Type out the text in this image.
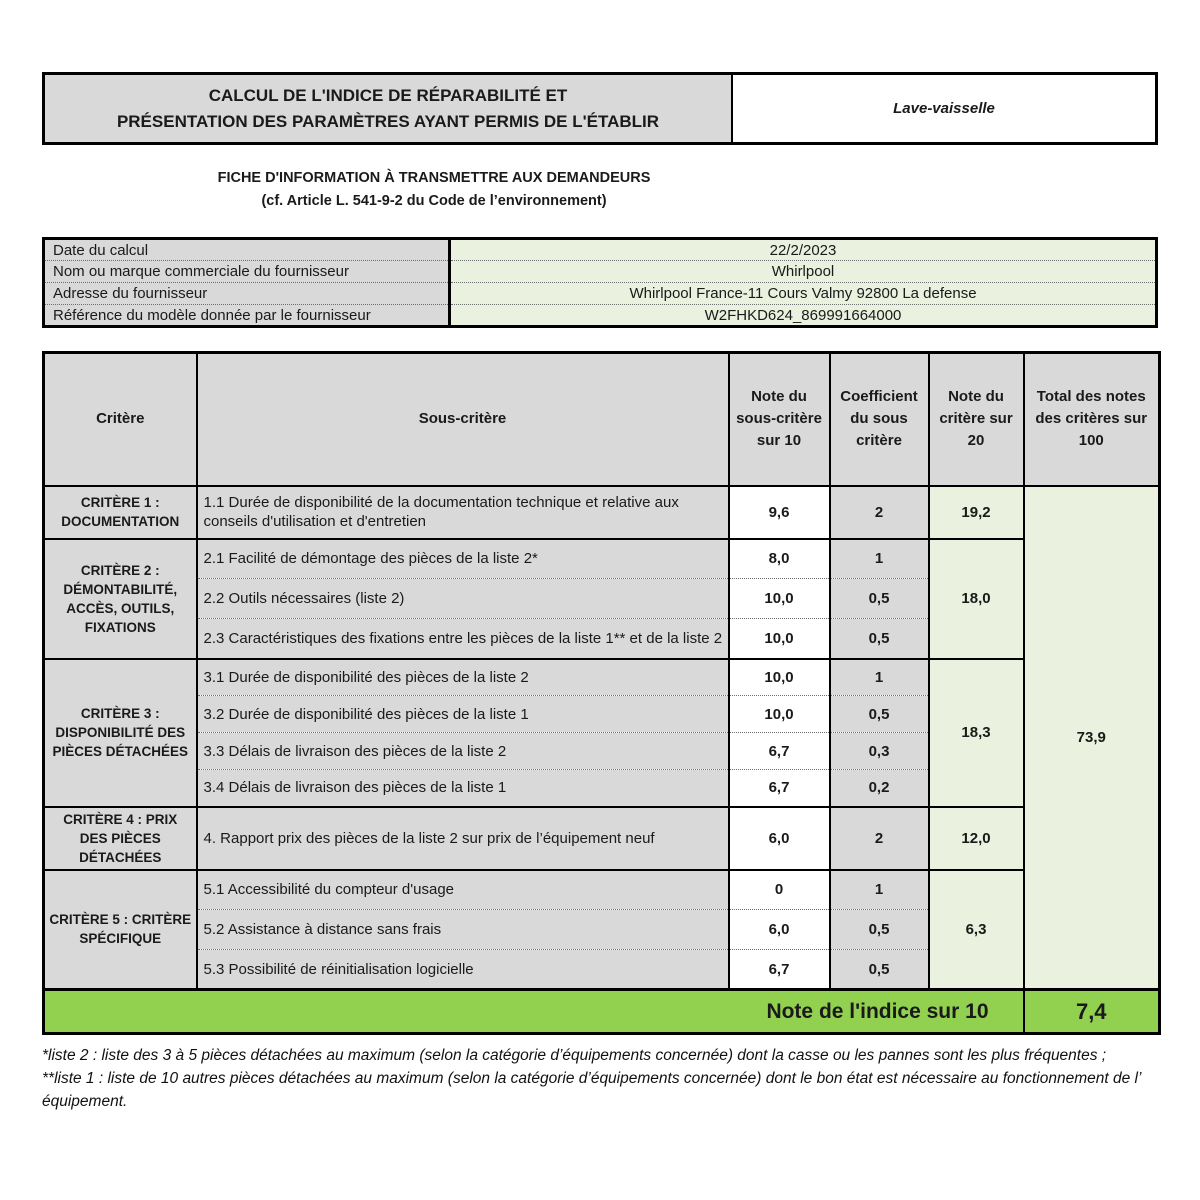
CALCUL DE L'INDICE DE RÉPARABILITÉ ET
PRÉSENTATION DES PARAMÈTRES AYANT PERMIS DE L'ÉTABLIR
Lave-vaisselle
FICHE D'INFORMATION À TRANSMETTRE AUX DEMANDEURS
(cf. Article L. 541-9-2 du Code de l’environnement)
Date du calcul	22/2/2023
Nom ou marque commerciale du fournisseur	Whirlpool
Adresse du fournisseur	Whirlpool France-11 Cours Valmy 92800 La defense
Référence du modèle donnée par le fournisseur	W2FHKD624_869991664000
Critère	Sous-critère	Note du sous-critère sur 10	Coefficient du sous critère	Note du critère sur 20	Total des notes des critères sur 100
CRITÈRE 1 : DOCUMENTATION	1.1 Durée de disponibilité de la documentation technique et relative aux conseils d'utilisation et d'entretien	9,6	2	19,2	73,9
CRITÈRE 2 : DÉMONTABILITÉ, ACCÈS, OUTILS, FIXATIONS	2.1 Facilité de démontage des pièces de la liste 2*	8,0	1	18,0	
	2.2 Outils nécessaires (liste 2)	10,0	0,5		
	2.3 Caractéristiques des fixations entre les pièces de la liste 1** et de la liste 2	10,0	0,5		
CRITÈRE 3 : DISPONIBILITÉ DES PIÈCES DÉTACHÉES	3.1 Durée de disponibilité des pièces de la liste 2	10,0	1	18,3	
	3.2 Durée de disponibilité des pièces de la liste 1	10,0	0,5		
	3.3 Délais de livraison des pièces de la liste 2	6,7	0,3		
	3.4 Délais de livraison des pièces de la liste 1	6,7	0,2		
CRITÈRE 4 : PRIX DES PIÈCES DÉTACHÉES	4. Rapport prix des pièces de la liste 2 sur prix de l’équipement neuf	6,0	2	12,0	
CRITÈRE 5 : CRITÈRE SPÉCIFIQUE	5.1 Accessibilité du compteur d'usage	0	1	6,3	
	5.2 Assistance à distance sans frais	6,0	0,5		
	5.3 Possibilité de réinitialisation logicielle	6,7	0,5		
Note de l'indice sur 10					7,4

*liste 2 : liste des 3 à 5 pièces détachées au maximum (selon la catégorie d’équipements concernée) dont la casse ou les pannes sont les plus fréquentes ;

**liste 1 : liste de 10 autres pièces détachées au maximum (selon la catégorie d’équipements concernée) dont le bon état est nécessaire au fonctionnement de l’ équipement.
